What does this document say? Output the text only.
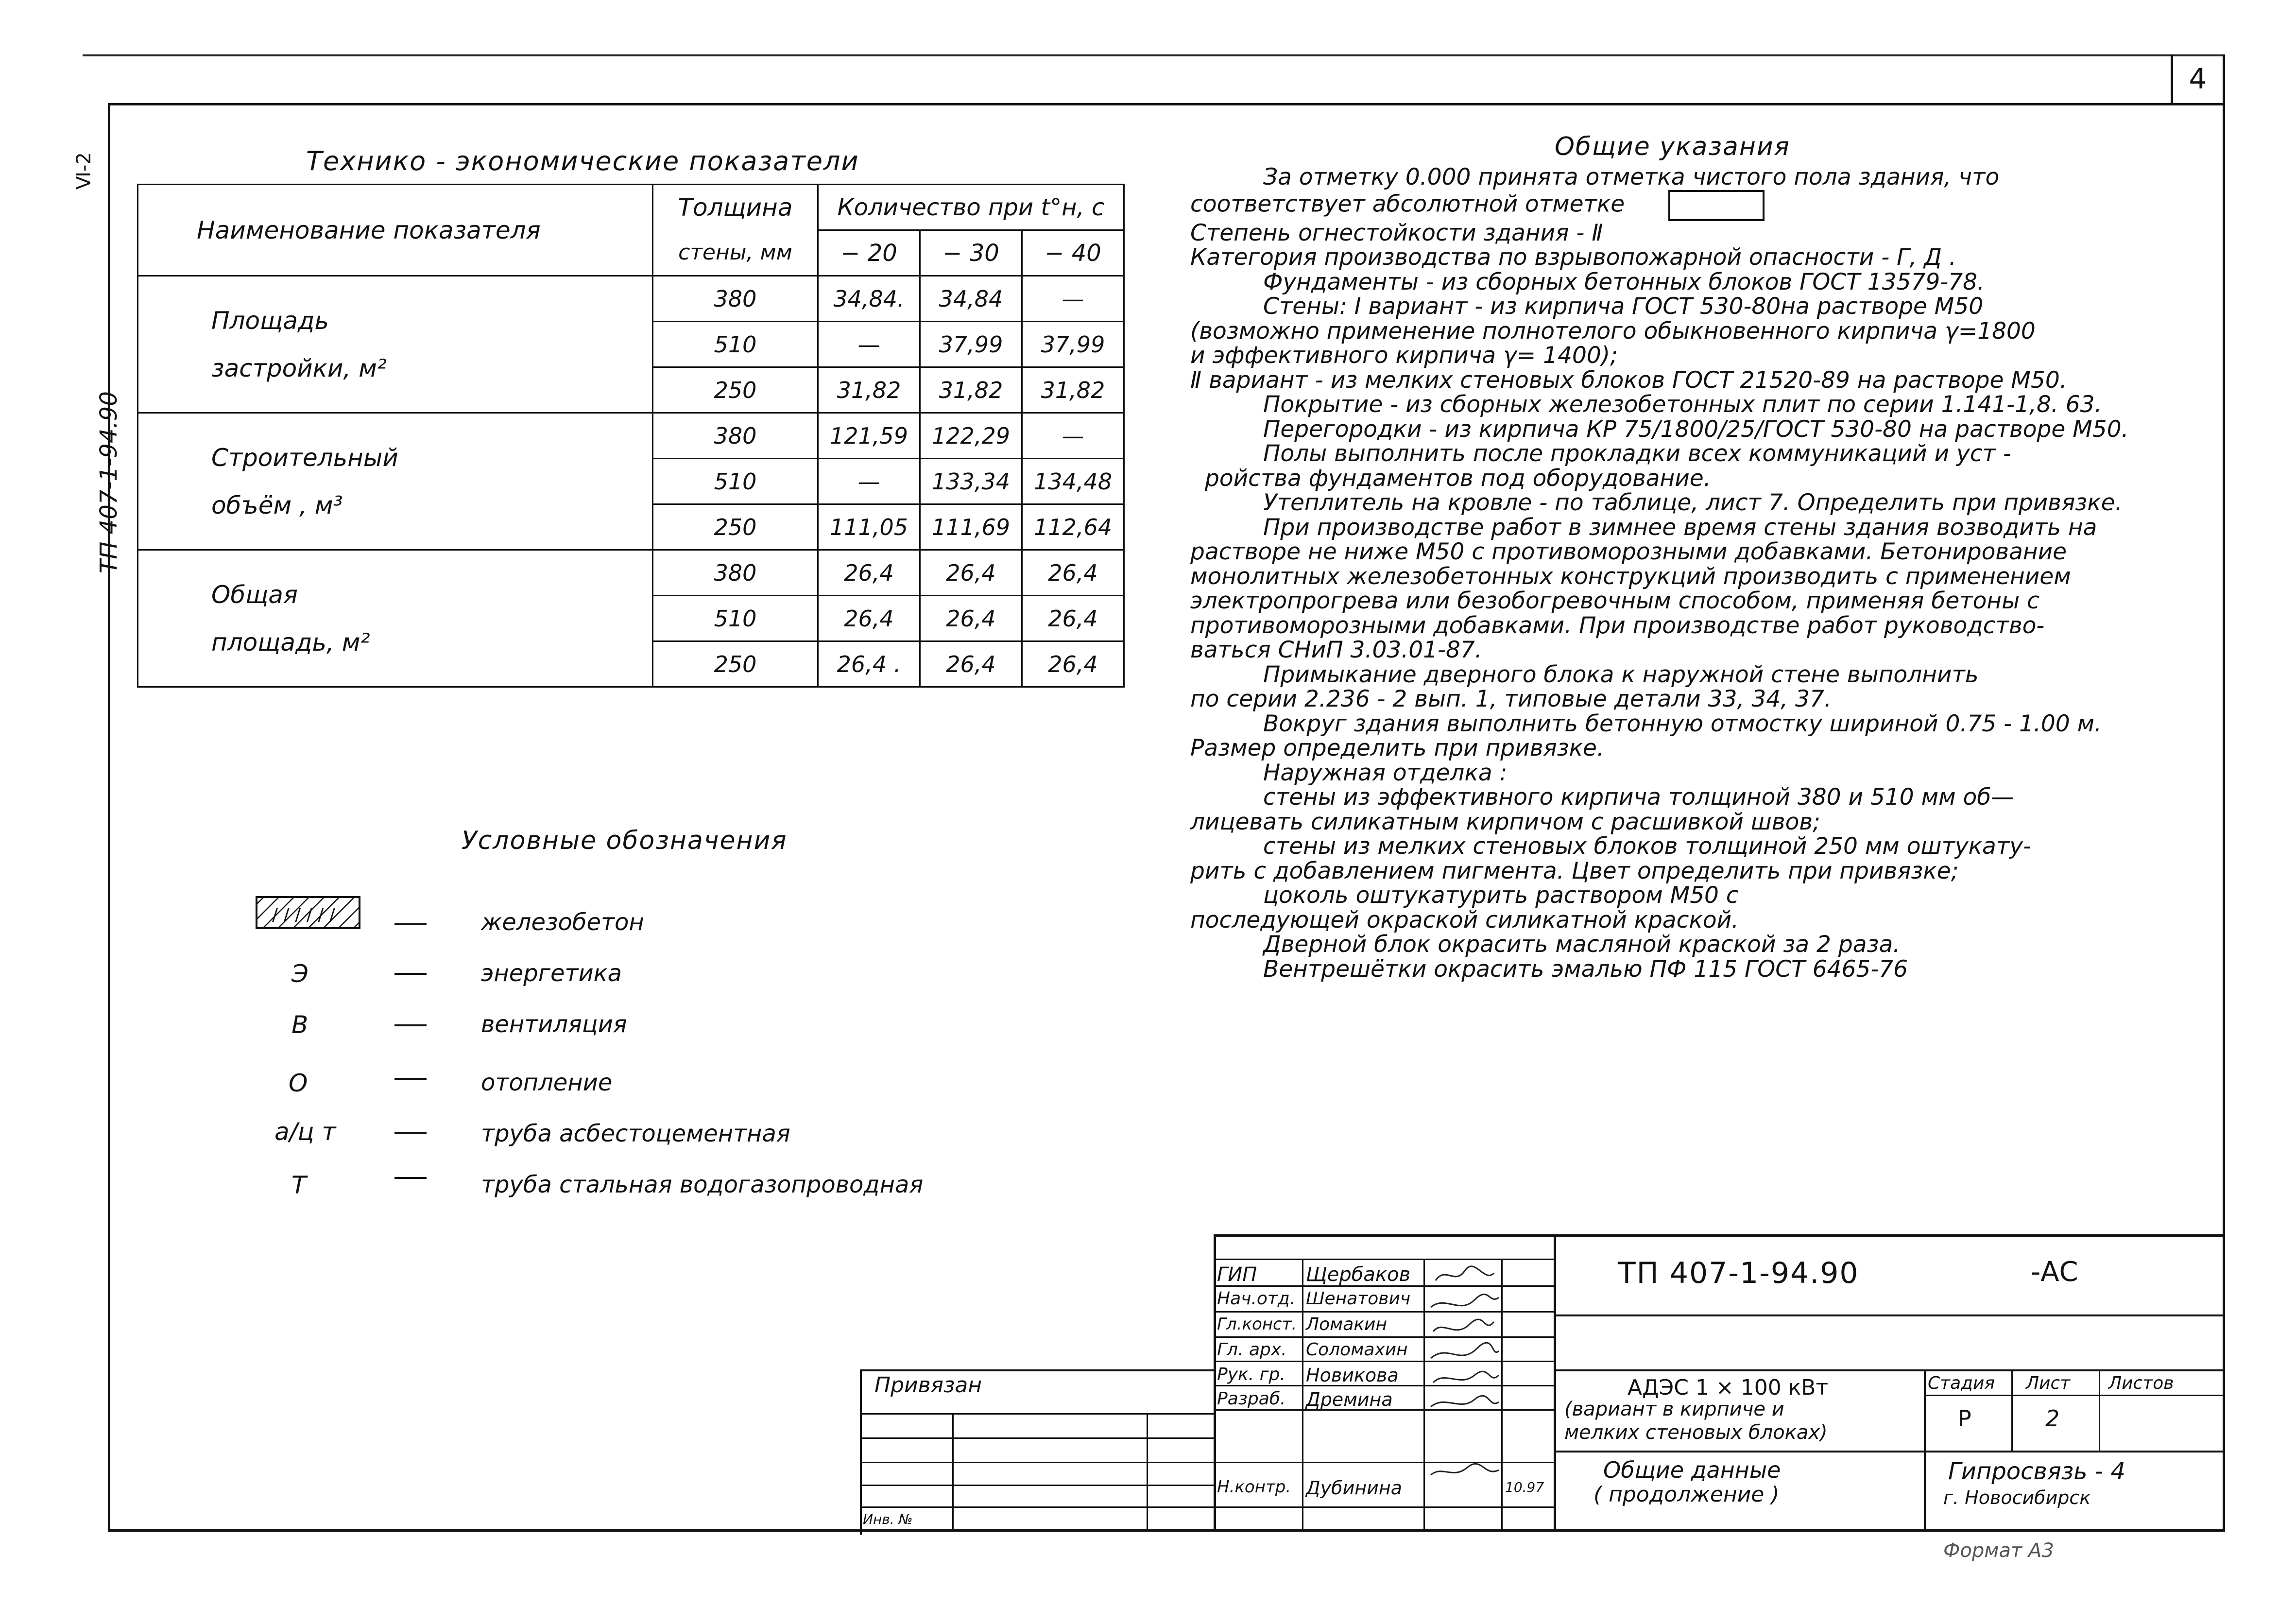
4
ТП 407-1-94.90
Ⅵ-2	Технико - экономические показатели
Наименование показателя	Толщина	Количество при t°н, с		
	стены, мм	− 20	− 30	− 40
Площадь
застройки, м²	380	34,84.	34,84	—
	510	—	37,99	37,99
	250	31,82	31,82	31,82
Строительный
объём , м³	380	121,59	122,29	—
	510	—	133,34	134,48
	250	111,05	111,69	112,64
Общая
площадь, м²	380	26,4	26,4	26,4
	510	26,4	26,4	26,4
	250	26,4 .	26,4	26,4
Условные обозначения
/ / / / / /	железобетон
Э	энергетика
В	вентиляция
О	отопление
а/ц т	труба асбестоцементная
Т	труба стальная водогазопроводная
Общие указания
За отметку 0.000 принята отметка чистого пола здания, что
соответствует абсолютной отметке
Степень огнестойкости здания - Ⅱ
Категория производства по взрывопожарной опасности - Г, Д .
Фундаменты - из сборных бетонных блоков ГОСТ 13579-78.
Стены: Ⅰ вариант - из кирпича ГОСТ 530-80на растворе М50
(возможно применение полнотелого обыкновенного кирпича γ=1800
и эффективного кирпича γ= 1400);
Ⅱ вариант - из мелких стеновых блоков ГОСТ 21520-89 на растворе М50.
Покрытие - из сборных железобетонных плит по серии 1.141-1,8. 63.
Перегородки - из кирпича КР 75/1800/25/ГОСТ 530-80 на растворе М50.
Полы выполнить после прокладки всех коммуникаций и уст -
ройства фундаментов под оборудование.
Утеплитель на кровле - по таблице, лист 7. Определить при привязке.
При производстве работ в зимнее время стены здания возводить на
растворе не ниже М50 с противоморозными добавками. Бетонирование
монолитных железобетонных конструкций производить с применением
электропрогрева или безобогревочным способом, применяя бетоны с
противоморозными добавками. При производстве работ руководство-
ваться СНиП 3.03.01-87.
Примыкание дверного блока к наружной стене выполнить
по серии 2.236 - 2 вып. 1, типовые детали 33, 34, 37.
Вокруг здания выполнить бетонную отмостку шириной 0.75 - 1.00 м.
Размер определить при привязке.
Наружная отделка :
стены из эффективного кирпича толщиной 380 и 510 мм об—
лицевать силикатным кирпичом с расшивкой швов;
стены из мелких стеновых блоков толщиной 250 мм оштукату-
рить с добавлением пигмента. Цвет определить при привязке;
цоколь оштукатурить раствором М50 с
последующей окраской силикатной краской.
Дверной блок окрасить масляной краской за 2 раза.
Вентрешётки окрасить эмалью ПФ 115 ГОСТ 6465-76
Привязан
Инв. №
ГИП	Щербаков
Нач.отд. Шенатович
Гл.конст. Ломакин
Гл. арх. Соломахин
Рук. гр. Новикова
Разраб. Дремина
Н.контр. Дубинина	10.97
ТП 407-1-94.90	-АС
АДЭС 1 × 100 кВт
(вариант в кирпиче и
мелких стеновых блоках)
Общие данные
( продолжение )
Стадия Лист Листов
Р	2
Гипросвязь - 4
г. Новосибирск
Формат А3
